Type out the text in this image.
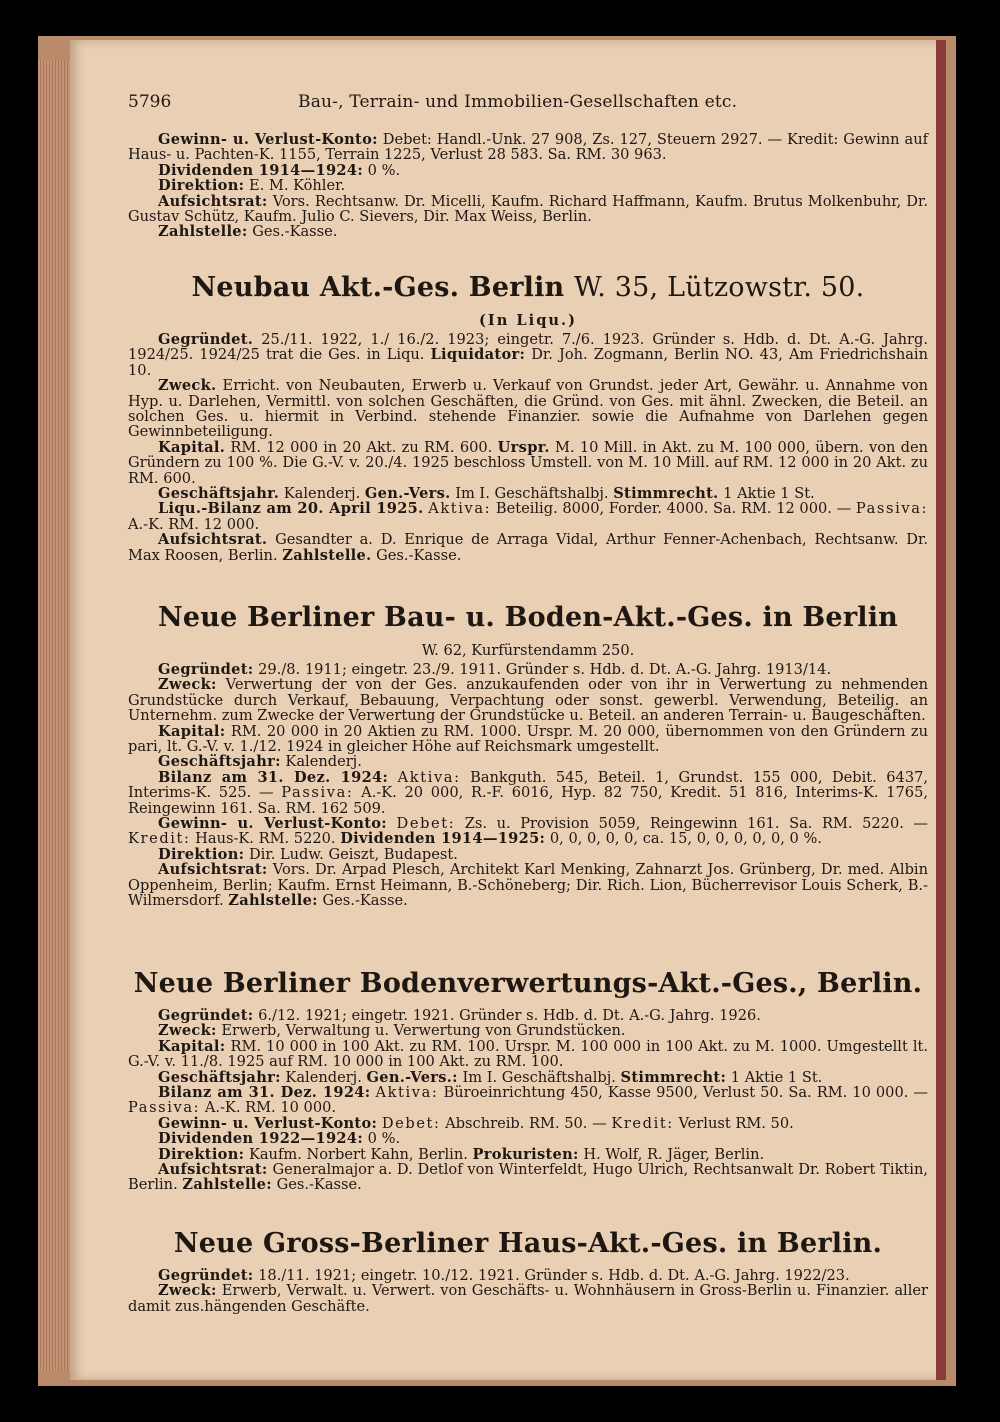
5796	Bau-, Terrain- und Immobilien-Gesellschaften etc.

Gewinn- u. Verlust-Konto: Debet: Handl.-Unk. 27 908, Zs. 127, Steuern 2927. — Kredit: Gewinn auf Haus- u. Pachten-K. 1155, Terrain 1225, Verlust 28 583. Sa. RM. 30 963.

Dividenden 1914—1924: 0 %.

Direktion: E. M. Köhler.

Aufsichtsrat: Vors. Rechtsanw. Dr. Micelli, Kaufm. Richard Haffmann, Kaufm. Brutus Molkenbuhr, Dr. Gustav Schütz, Kaufm. Julio C. Sievers, Dir. Max Weiss, Berlin.

Zahlstelle: Ges.-Kasse.

Neubau Akt.-Ges. Berlin W. 35, Lützowstr. 50.
(In Liqu.)

Gegründet. 25./11. 1922, 1./ 16./2. 1923; eingetr. 7./6. 1923. Gründer s. Hdb. d. Dt. A.-G. Jahrg. 1924/25. 1924/25 trat die Ges. in Liqu. Liquidator: Dr. Joh. Zogmann, Berlin NO. 43, Am Friedrichshain 10.

Zweck. Erricht. von Neubauten, Erwerb u. Verkauf von Grundst. jeder Art, Gewähr. u. Annahme von Hyp. u. Darlehen, Vermittl. von solchen Geschäften, die Gründ. von Ges. mit ähnl. Zwecken, die Beteil. an solchen Ges. u. hiermit in Verbind. stehende Finanzier. sowie die Aufnahme von Darlehen gegen Gewinnbeteiligung.

Kapital. RM. 12 000 in 20 Akt. zu RM. 600. Urspr. M. 10 Mill. in Akt. zu M. 100 000, übern. von den Gründern zu 100 %. Die G.-V. v. 20./4. 1925 beschloss Umstell. von M. 10 Mill. auf RM. 12 000 in 20 Akt. zu RM. 600.

Geschäftsjahr. Kalenderj. Gen.-Vers. Im I. Geschäftshalbj. Stimmrecht. 1 Aktie 1 St.

Liqu.-Bilanz am 20. April 1925. Aktiva: Beteilig. 8000, Forder. 4000. Sa. RM. 12 000. — Passiva: A.-K. RM. 12 000.

Aufsichtsrat. Gesandter a. D. Enrique de Arraga Vidal, Arthur Fenner-Achenbach, Rechtsanw. Dr. Max Roosen, Berlin. Zahlstelle. Ges.-Kasse.

Neue Berliner Bau- u. Boden-Akt.-Ges. in Berlin
W. 62, Kurfürstendamm 250.

Gegründet: 29./8. 1911; eingetr. 23./9. 1911. Gründer s. Hdb. d. Dt. A.-G. Jahrg. 1913/14.

Zweck: Verwertung der von der Ges. anzukaufenden oder von ihr in Verwertung zu nehmenden Grundstücke durch Verkauf, Bebauung, Verpachtung oder sonst. gewerbl. Verwendung, Beteilig. an Unternehm. zum Zwecke der Verwertung der Grundstücke u. Beteil. an anderen Terrain- u. Baugeschäften.

Kapital: RM. 20 000 in 20 Aktien zu RM. 1000. Urspr. M. 20 000, übernommen von den Gründern zu pari, lt. G.-V. v. 1./12. 1924 in gleicher Höhe auf Reichsmark umgestellt.

Geschäftsjahr: Kalenderj.

Bilanz am 31. Dez. 1924: Aktiva: Bankguth. 545, Beteil. 1, Grundst. 155 000, Debit. 6437, Interims-K. 525. — Passiva: A.-K. 20 000, R.-F. 6016, Hyp. 82 750, Kredit. 51 816, Interims-K. 1765, Reingewinn 161. Sa. RM. 162 509.

Gewinn- u. Verlust-Konto: Debet: Zs. u. Provision 5059, Reingewinn 161. Sa. RM. 5220. — Kredit: Haus-K. RM. 5220. Dividenden 1914—1925: 0, 0, 0, 0, 0, ca. 15, 0, 0, 0, 0, 0, 0 %.

Direktion: Dir. Ludw. Geiszt, Budapest.

Aufsichtsrat: Vors. Dr. Arpad Plesch, Architekt Karl Menking, Zahnarzt Jos. Grünberg, Dr. med. Albin Oppenheim, Berlin; Kaufm. Ernst Heimann, B.-Schöneberg; Dir. Rich. Lion, Bücherrevisor Louis Scherk, B.-Wilmersdorf. Zahlstelle: Ges.-Kasse.

Neue Berliner Bodenverwertungs-Akt.-Ges., Berlin.

Gegründet: 6./12. 1921; eingetr. 1921. Gründer s. Hdb. d. Dt. A.-G. Jahrg. 1926.

Zweck: Erwerb, Verwaltung u. Verwertung von Grundstücken.

Kapital: RM. 10 000 in 100 Akt. zu RM. 100. Urspr. M. 100 000 in 100 Akt. zu M. 1000. Umgestellt lt. G.-V. v. 11./8. 1925 auf RM. 10 000 in 100 Akt. zu RM. 100.

Geschäftsjahr: Kalenderj. Gen.-Vers.: Im I. Geschäftshalbj. Stimmrecht: 1 Aktie 1 St.

Bilanz am 31. Dez. 1924: Aktiva: Büroeinrichtung 450, Kasse 9500, Verlust 50. Sa. RM. 10 000. — Passiva: A.-K. RM. 10 000.

Gewinn- u. Verlust-Konto: Debet: Abschreib. RM. 50. — Kredit: Verlust RM. 50.

Dividenden 1922—1924: 0 %.

Direktion: Kaufm. Norbert Kahn, Berlin. Prokuristen: H. Wolf, R. Jäger, Berlin.

Aufsichtsrat: Generalmajor a. D. Detlof von Winterfeldt, Hugo Ulrich, Rechtsanwalt Dr. Robert Tiktin, Berlin. Zahlstelle: Ges.-Kasse.

Neue Gross-Berliner Haus-Akt.-Ges. in Berlin.

Gegründet: 18./11. 1921; eingetr. 10./12. 1921. Gründer s. Hdb. d. Dt. A.-G. Jahrg. 1922/23.

Zweck: Erwerb, Verwalt. u. Verwert. von Geschäfts- u. Wohnhäusern in Gross-Berlin u. Finanzier. aller damit zus.hängenden Geschäfte.
